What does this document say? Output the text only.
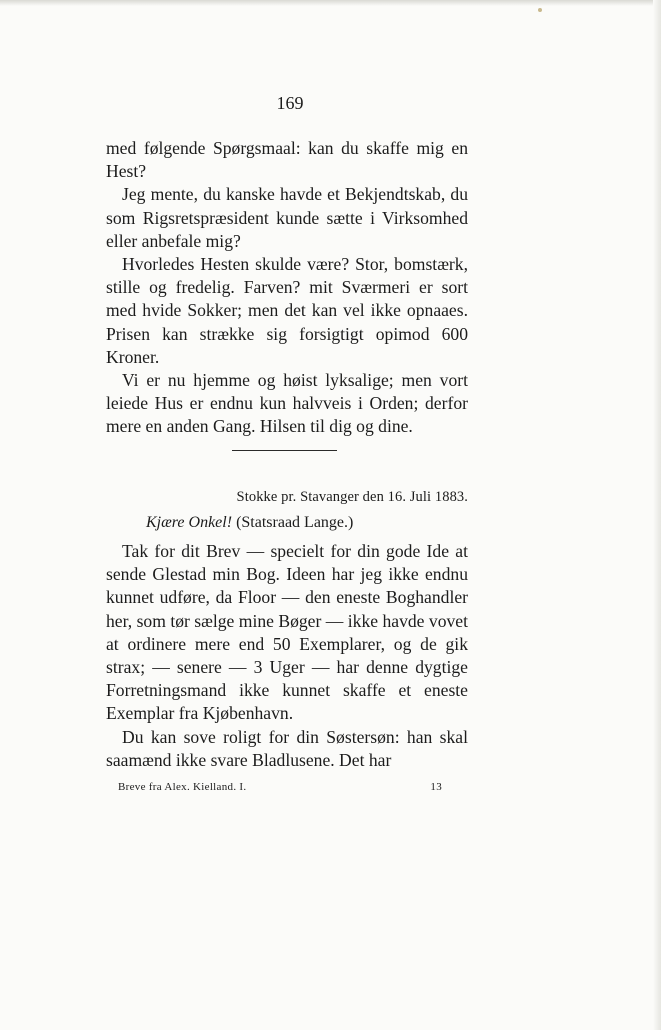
169

med følgende Spørgsmaal: kan du skaffe mig en Hest?

Jeg mente, du kanske havde et Bekjendtskab, du som Rigsretspræsident kunde sætte i Virksomhed eller anbefale mig?

Hvorledes Hesten skulde være? Stor, bomstærk, stille og fredelig. Farven? mit Sværmeri er sort med hvide Sokker; men det kan vel ikke opnaaes. Prisen kan strække sig forsigtigt opimod 600 Kroner.

Vi er nu hjemme og høist lyksalige; men vort leiede Hus er endnu kun halvveis i Orden; derfor mere en anden Gang. Hilsen til dig og dine.

Stokke pr. Stavanger den 16. Juli 1883.
Kjære Onkel! (Statsraad Lange.)

Tak for dit Brev — specielt for din gode Ide at sende Glestad min Bog. Ideen har jeg ikke endnu kunnet udføre, da Floor — den eneste Boghandler her, som tør sælge mine Bøger — ikke havde vovet at ordinere mere end 50 Exemplarer, og de gik strax; — senere — 3 Uger — har denne dygtige Forretningsmand ikke kunnet skaffe et eneste Exemplar fra Kjøbenhavn.

Du kan sove roligt for din Søstersøn: han skal saamænd ikke svare Bladlusene. Det har

Breve fra Alex. Kielland. I.	13
